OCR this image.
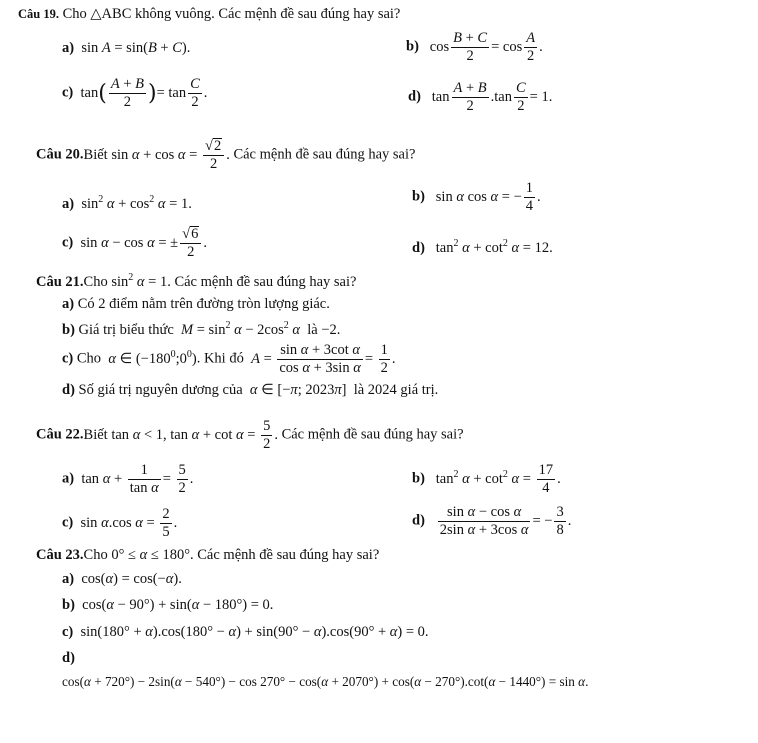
Câu 19. Cho △ABC không vuông. Các mệnh đề sau đúng hay sai?
a)  sin A = sin(B + C).	b)   $\cos \frac{B + C}{2} = \cos \frac{A}{2}$ .
c)  $\tan( \frac{A + B}{2}$ )= $\tan \frac{C}{2}$ .	d)   $\tan \frac{A + B}{2} .\tan \frac{C}{2} = 1$.
Câu 20.Biết $\sin \alpha + \cos \alpha = \frac{√2}{2}$ . Các mệnh đề sau đúng hay sai?
a)  $\sin^2 \alpha + \cos^2 \alpha = 1$.	b)   sin α cos α = − $\frac{1}{4}$ .
c)  sin α − cos α = ± $\frac{√6}{2}$ .	d)   $\tan^2 \alpha + \cot^2 \alpha = 12$.
Câu 21.Cho $\sin^2 \alpha = 1$. Các mệnh đề sau đúng hay sai?
a) Có 2 điểm nằm trên đường tròn lượng giác.
b) Giá trị biểu thức $M = \sin^2 \alpha - 2\cos^2$ α là −2.
c) Cho α ∈ $(-180^0;0^0)$. Khi đó $A = \frac{\text{sin α + 3cot α}}{\text{cos α + 3sin α}} = \frac{1}{2}$ .
d) Số giá trị nguyên dương của α ∈ [−π; 2023π]  là 2024 giá trị.
Câu 22.Biết tan α < 1, $\tan \alpha + \cot \alpha = \frac{5}{2}$ . Các mệnh đề sau đúng hay sai?
a)  $\tan \alpha + \frac{1}{\text{tan α}} = \frac{5}{2}$ .	b)   $\tan^2 \alpha + \cot^2 \alpha = \frac{17}{4}$ .
c)  sin α.cos $\alpha = \frac{2}{5}$ .	$d) \frac{\text{sin α − cos α}}{\text{2sin α + 3cos α}}$ = − $\frac{3}{8}$ .
Câu 23.Cho 0° ≤ α ≤ 180°. Các mệnh đề sau đúng hay sai?
a)  cos(α) = cos(−α).
b)  cos(α − 90°) + sin(α − 180°) = 0.
c)  sin(180° + α).cos(180° − α) + sin(90° − α).cos(90° + α) = 0.
d)
cos(α + 720°) − 2sin(α − 540°) − cos 270° − cos(α + 2070°) + cos(α − 270°).cot(α − 1440°) = sin α.
